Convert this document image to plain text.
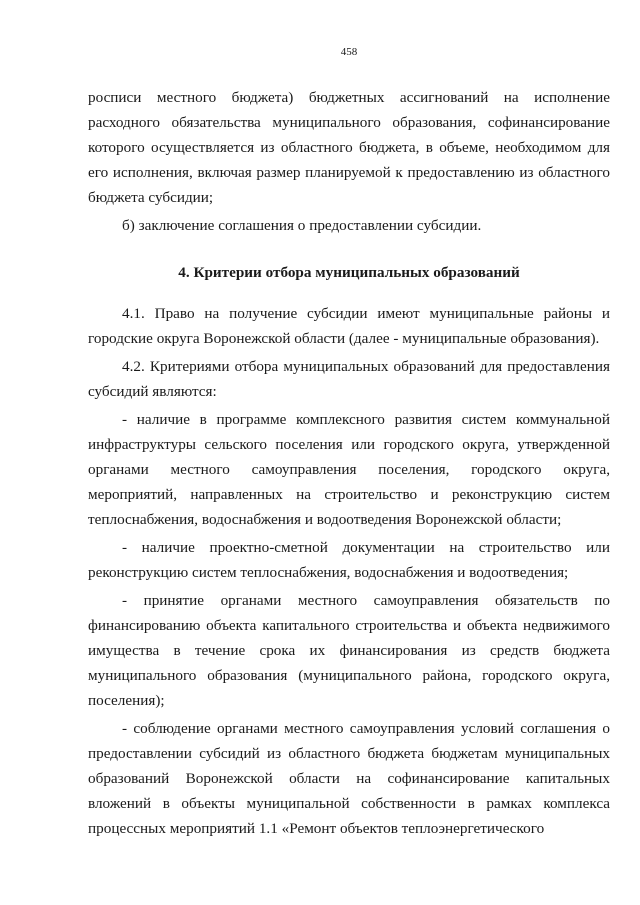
458

росписи местного бюджета) бюджетных ассигнований на исполнение расходного обязательства муниципального образования, софинансирование которого осуществляется из областного бюджета, в объеме, необходимом для его исполнения, включая размер планируемой к предоставлению из областного бюджета субсидии;

б) заключение соглашения о предоставлении субсидии.

4. Критерии отбора муниципальных образований

4.1. Право на получение субсидии имеют муниципальные районы и городские округа Воронежской области (далее - муниципальные образования).

4.2. Критериями отбора муниципальных образований для предоставления субсидий являются:

- наличие в программе комплексного развития систем коммунальной инфраструктуры сельского поселения или городского округа, утвержденной органами местного самоуправления поселения, городского округа, мероприятий, направленных на строительство и реконструкцию систем теплоснабжения, водоснабжения и водоотведения Воронежской области;

- наличие проектно-сметной документации на строительство или реконструкцию систем теплоснабжения, водоснабжения и водоотведения;

- принятие органами местного самоуправления обязательств по финансированию объекта капитального строительства и объекта недвижимого имущества в течение срока их финансирования из средств бюджета муниципального образования (муниципального района, городского округа, поселения);

- соблюдение органами местного самоуправления условий соглашения о предоставлении субсидий из областного бюджета бюджетам муниципальных образований Воронежской области на софинансирование капитальных вложений в объекты муниципальной собственности в рамках комплекса процессных мероприятий 1.1 «Ремонт объектов теплоэнергетического
